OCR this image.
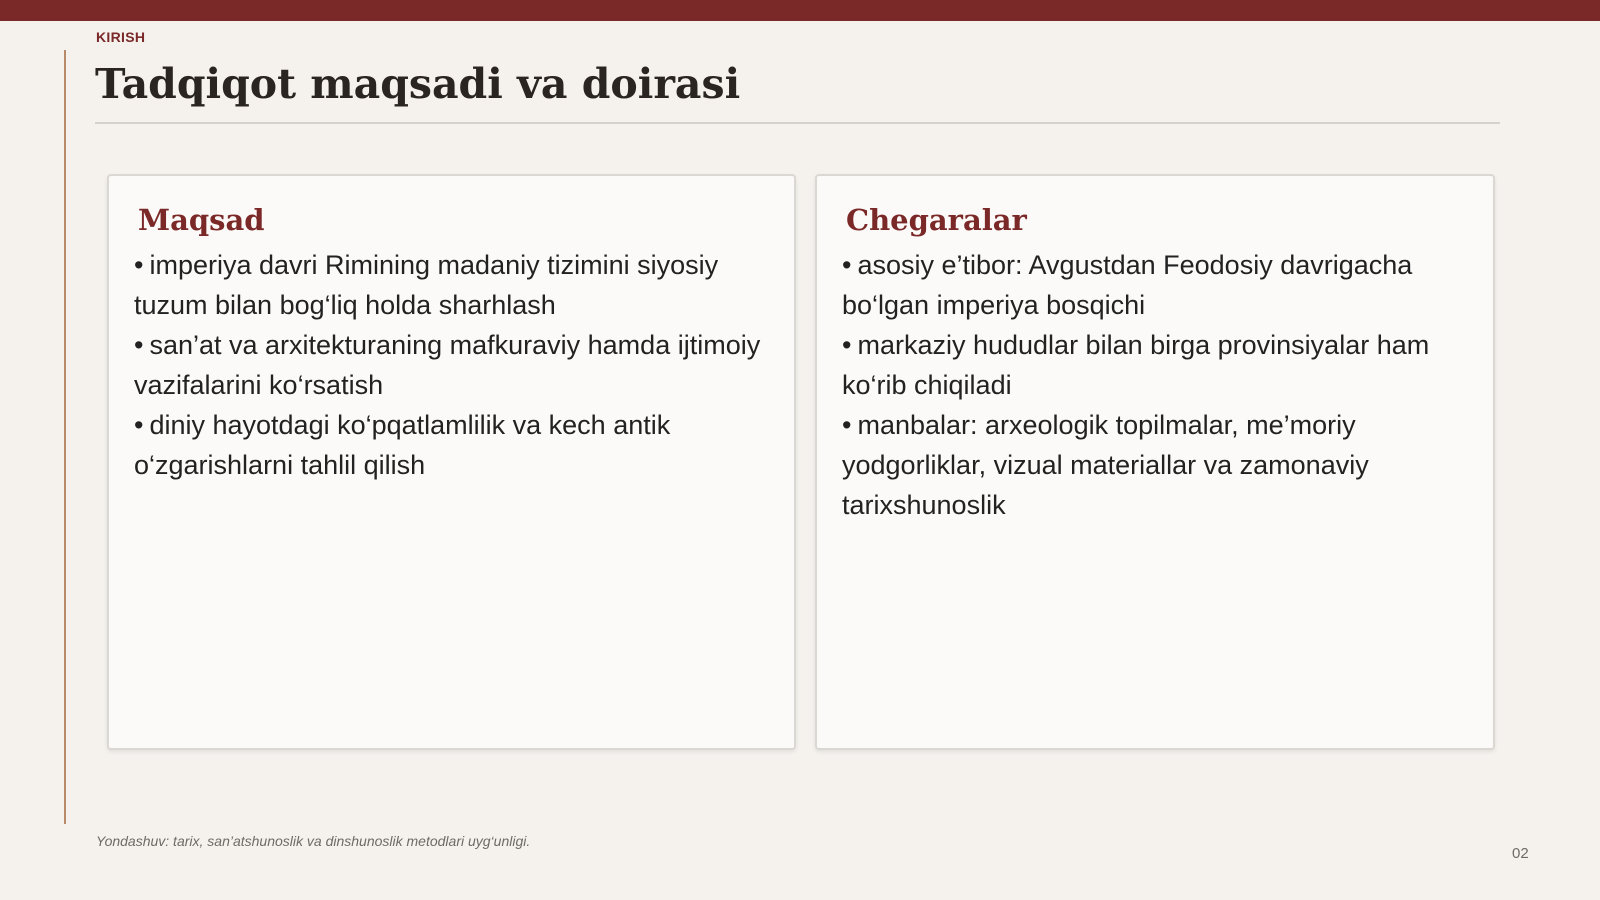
KIRISH
Tadqiqot maqsadi va doirasi
Maqsad
• imperiya davri Rimining madaniy tizimini siyosiy tuzum bilan bog‘liq holda sharhlash
• san’at va arxitekturaning mafkuraviy hamda ijtimoiy vazifalarini ko‘rsatish
• diniy hayotdagi ko‘pqatlamlilik va kech antik o‘zgarishlarni tahlil qilish
Chegaralar
• asosiy e’tibor: Avgustdan Feodosiy davrigacha bo‘lgan imperiya bosqichi
• markaziy hududlar bilan birga provinsiyalar ham ko‘rib chiqiladi
• manbalar: arxeologik topilmalar, me’moriy yodgorliklar, vizual materiallar va zamonaviy tarixshunoslik
Yondashuv: tarix, san’atshunoslik va dinshunoslik metodlari uyg‘unligi.
02
